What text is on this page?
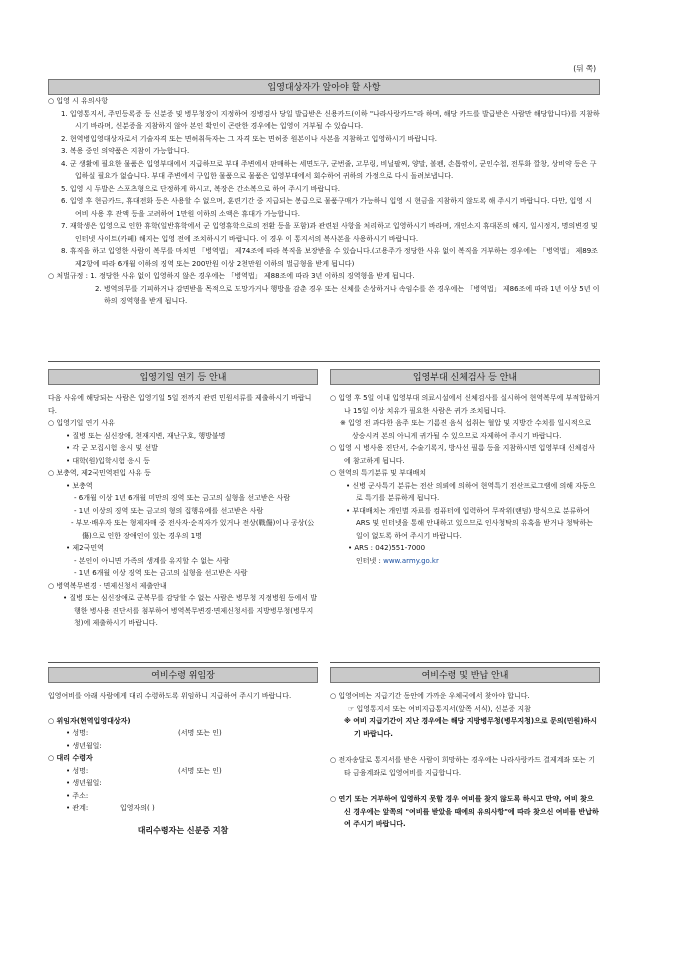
(뒤 쪽)
입영대상자가 알아야 할 사항
○ 입영 시 유의사항
1. 입영통지서, 주민등록증 등 신분증 및 병무청장이 지정하여 징병검사 당일 발급받은 신용카드(이하 "나라사랑카드"라 하며, 해당 카드를 발급받은 사람만 해당합니다)를 지참하시기 바라며, 신분증을 지참하지 않아 본인 확인이 곤란한 경우에는 입영이 거부될 수 있습니다.
2. 현역병입영대상자로서 기술자격 또는 면허취득자는 그 자격 또는 면허증 원본이나 사본을 지참하고 입영하시기 바랍니다.
3. 복용 중인 의약품은 지참이 가능합니다.
4. 군 생활에 필요한 물품은 입영부대에서 지급하므로 부대 주변에서 판매하는 세면도구, 군번줄, 고무링, 비닐팔찌, 양말, 볼펜, 손톱깎이, 군인수첩, 전투화 깔창, 상비약 등은 구입하실 필요가 없습니다. 부대 주변에서 구입한 물품으로 물품은 입영부대에서 회수하여 귀하의 가정으로 다시 돌려보냅니다.
5. 입영 시 두발은 스포츠형으로 단정하게 하시고, 복장은 간소복으로 하여 주시기 바랍니다.
6. 입영 후 현금카드, 휴대전화 등은 사용할 수 없으며, 훈련기간 중 지급되는 봉급으로 물품구매가 가능하니 입영 시 현금을 지참하지 않도록 해 주시기 바랍니다. 다만, 입영 시 여비 사용 후 잔액 등을 고려하여 1만원 이하의 소액은 휴대가 가능합니다.
7. 재학생은 입영으로 인한 휴학(일반휴학에서 군 입영휴학으로의 전환 등을 포함)과 관련된 사항을 처리하고 입영하시기 바라며, 개인소지 휴대폰의 해지, 일시정지, 명의변경 및 인터넷 사이트(카페) 해지는 입영 전에 조치하시기 바랍니다. 이 경우 이 통지서의 복사본을 사용하시기 바랍니다.
8. 휴직을 하고 입영한 사람이 복무를 마치면 「병역법」 제74조에 따라 복직을 보장받을 수 있습니다.(고용주가 정당한 사유 없이 복직을 거부하는 경우에는 「병역법」 제89조제2항에 따라 6개월 이하의 징역 또는 200만원 이상 2천만원 이하의 벌금형을 받게 됩니다)
○ 처벌규정 : 1. 정당한 사유 없이 입영하지 않은 경우에는 「병역법」 제88조에 따라 3년 이하의 징역형을 받게 됩니다.
2. 병역의무를 기피하거나 감면받을 목적으로 도망가거나 행방을 감춘 경우 또는 신체를 손상하거나 속임수를 쓴 경우에는 「병역법」 제86조에 따라 1년 이상 5년 이하의 징역형을 받게 됩니다.
입영기일 연기 등 안내
다음 사유에 해당되는 사람은 입영기일 5일 전까지 관련 민원서류를 제출하시기 바랍니다.
○ 입영기일 연기 사유
• 질병 또는 심신장애, 천재지변, 재난구호, 행방불명
• 각 군 모집시험 응시 및 선발
• 대학(원)입학시험 응시 등
○ 보충역, 제2국민역편입 사유 등
• 보충역
- 6개월 이상 1년 6개월 미만의 징역 또는 금고의 실형을 선고받은 사람
- 1년 이상의 징역 또는 금고의 형의 집행유예를 선고받은 사람
- 부모·배우자 또는 형제자매 중 전사자·순직자가 있거나 전상(戰傷)이나 공상(公傷)으로 인한 장애인이 있는 경우의 1명
• 제2국민역
- 본인이 아니면 가족의 생계를 유지할 수 없는 사람
- 1년 6개월 이상 징역 또는 금고의 실형을 선고받은 사람
○ 병역복무변경 · 면제신청서 제출안내
• 질병 또는 심신장애로 군복무를 감당할 수 없는 사람은 병무청 지정병원 등에서 발행한 병사용 진단서를 첨부하여 병역복무변경·면제신청서를 지방병무청(병무지청)에 제출하시기 바랍니다.
입영부대 신체검사 등 안내
○ 입영 후 5일 이내 입영부대 의료시설에서 신체검사를 실시하여 현역복무에 부적합하거나 15일 이상 치유가 필요한 사람은 귀가 조치됩니다.
※ 입영 전 과다한 음주 또는 기름진 음식 섭취는 혈압 및 지방간 수치를 일시적으로 상승시켜 본의 아니게 귀가될 수 있으므로 자제하여 주시기 바랍니다.
○ 입영 시 병사용 진단서, 수술기록지, 방사선 필름 등을 지참하시면 입영부대 신체검사에 참고하게 됩니다.
○ 현역의 특기분류 및 부대배치
• 신병 군사특기 분류는 전산 의뢰에 의하여 현역특기 전산프로그램에 의해 자동으로 특기를 분류하게 됩니다.
• 부대배치는 개인별 자료를 컴퓨터에 입력하여 무작위(랜덤) 방식으로 분류하여 ARS 및 인터넷을 통해 안내하고 있으므로 인사청탁의 유혹을 받거나 청탁하는 일이 없도록 하여 주시기 바랍니다.
• ARS : 042)551-7000
인터넷 : www.army.go.kr
여비수령 위임장
입영여비를 아래 사람에게 대리 수령하도록 위임하니 지급하여 주시기 바랍니다.
○ 위임자(현역입영대상자)
• 성명:	(서명 또는 인)
• 생년월일:
○ 대리 수령자
• 성명:	(서명 또는 인)
• 생년월일:
• 주소:
• 관계:	입영자의( )
대리수령자는 신분증 지참
여비수령 및 반납 안내
○ 입영여비는 지급기간 동안에 가까운 우체국에서 찾아야 합니다.
☞ 입영통지서 또는 여비지급통지서(앞쪽 서식), 신분증 지참
※ 여비 지급기간이 지난 경우에는 해당 지방병무청(병무지청)으로 문의(민원)하시기 바랍니다.
○ 전자송달로 통지서를 받은 사람이 희망하는 경우에는 나라사랑카드 결제계좌 또는 기타 금융계좌로 입영여비를 지급합니다.
○ 연기 또는 거부하여 입영하지 못할 경우 여비를 찾지 않도록 하시고 만약, 여비 찾으신 경우에는 앞쪽의 "여비를 받았을 때에의 유의사항"에 따라 찾으신 여비를 반납하여 주시기 바랍니다.
